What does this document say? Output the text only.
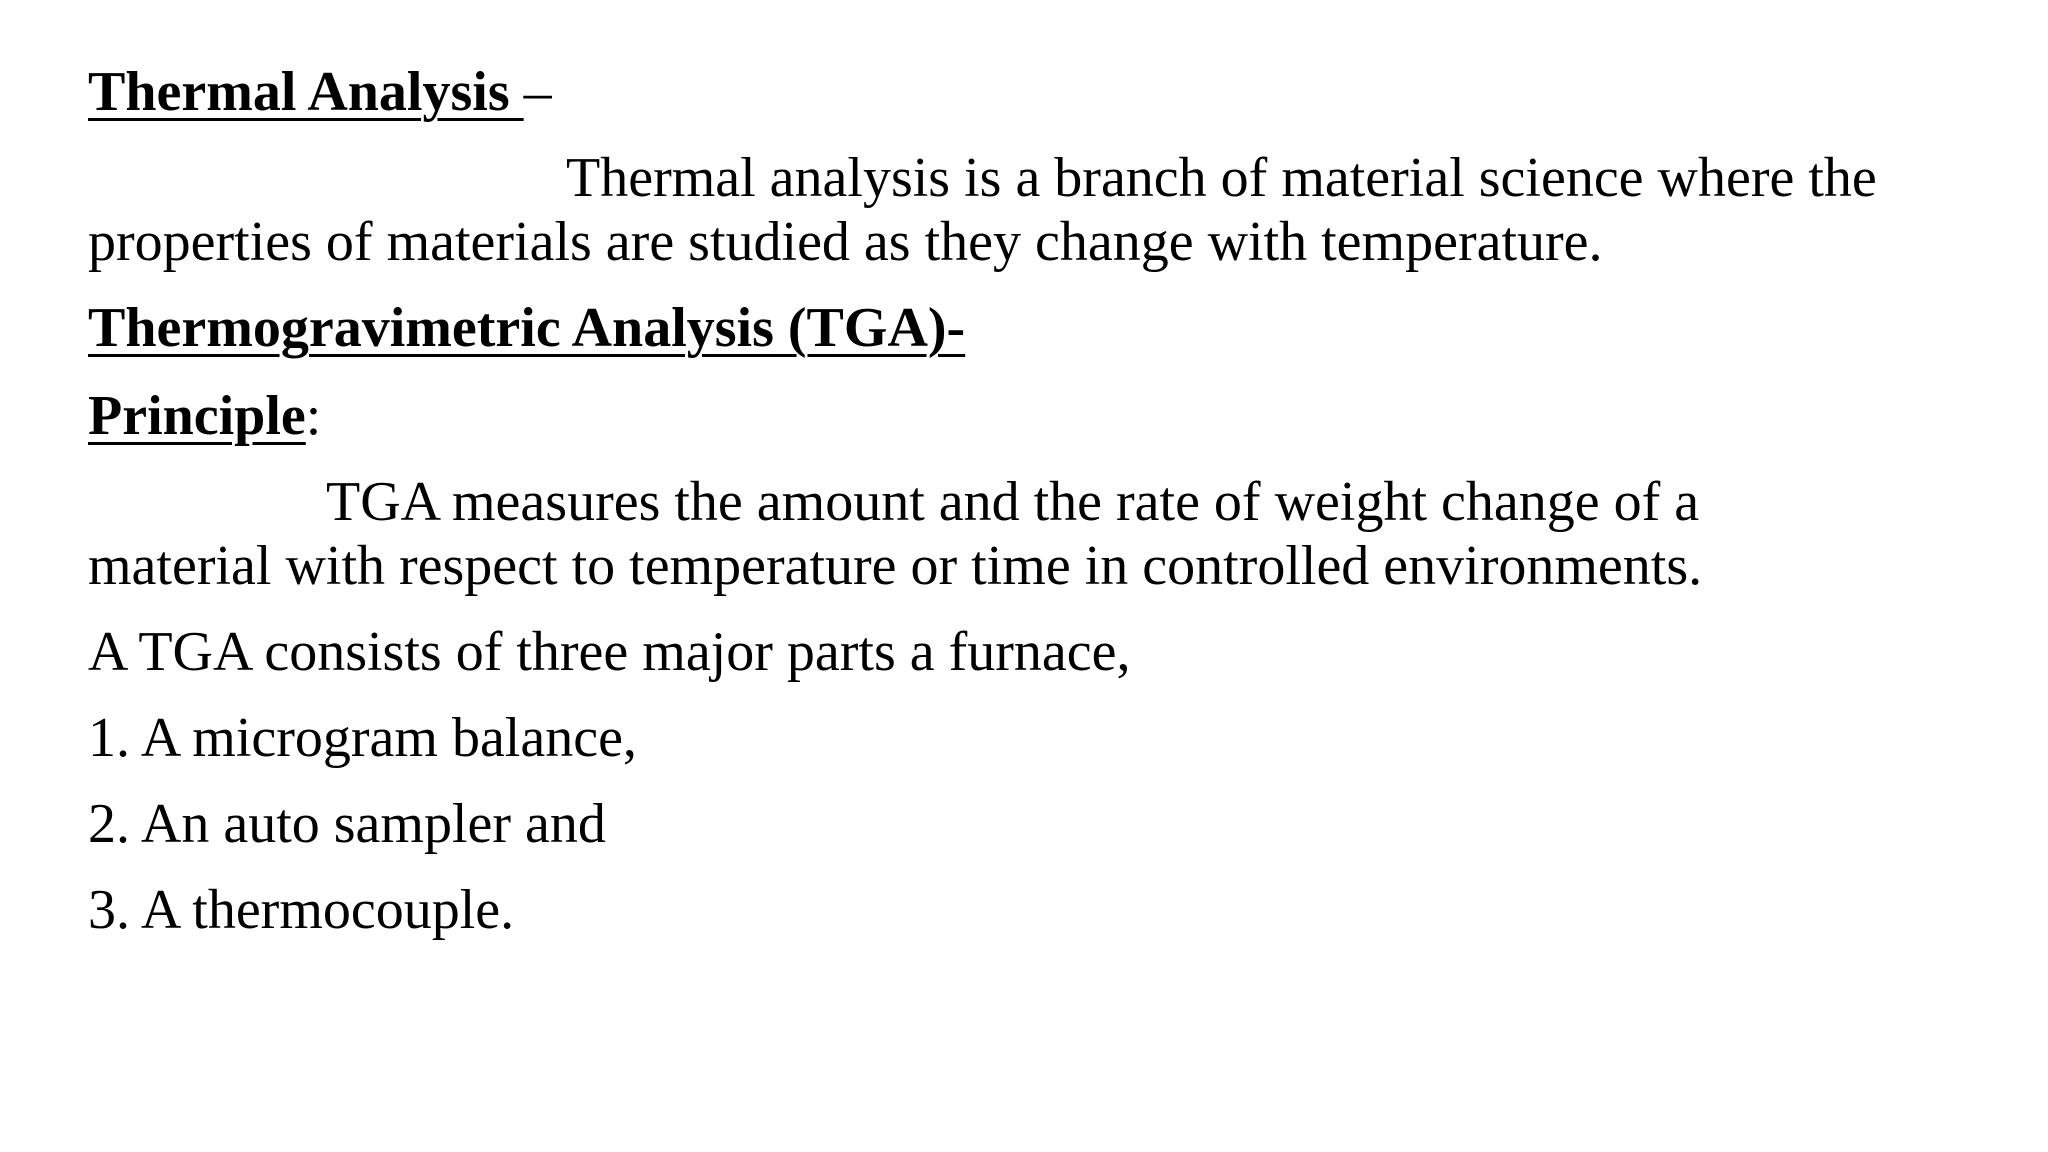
Thermal Analysis –
Thermal analysis is a branch of material science where the
properties of materials are studied as they change with temperature.
Thermogravimetric Analysis (TGA)-
Principle:
TGA measures the amount and the rate of weight change of a
material with respect to temperature or time in controlled environments.
A TGA consists of three major parts a furnace,
1. A microgram balance,
2. An auto sampler and
3. A thermocouple.
